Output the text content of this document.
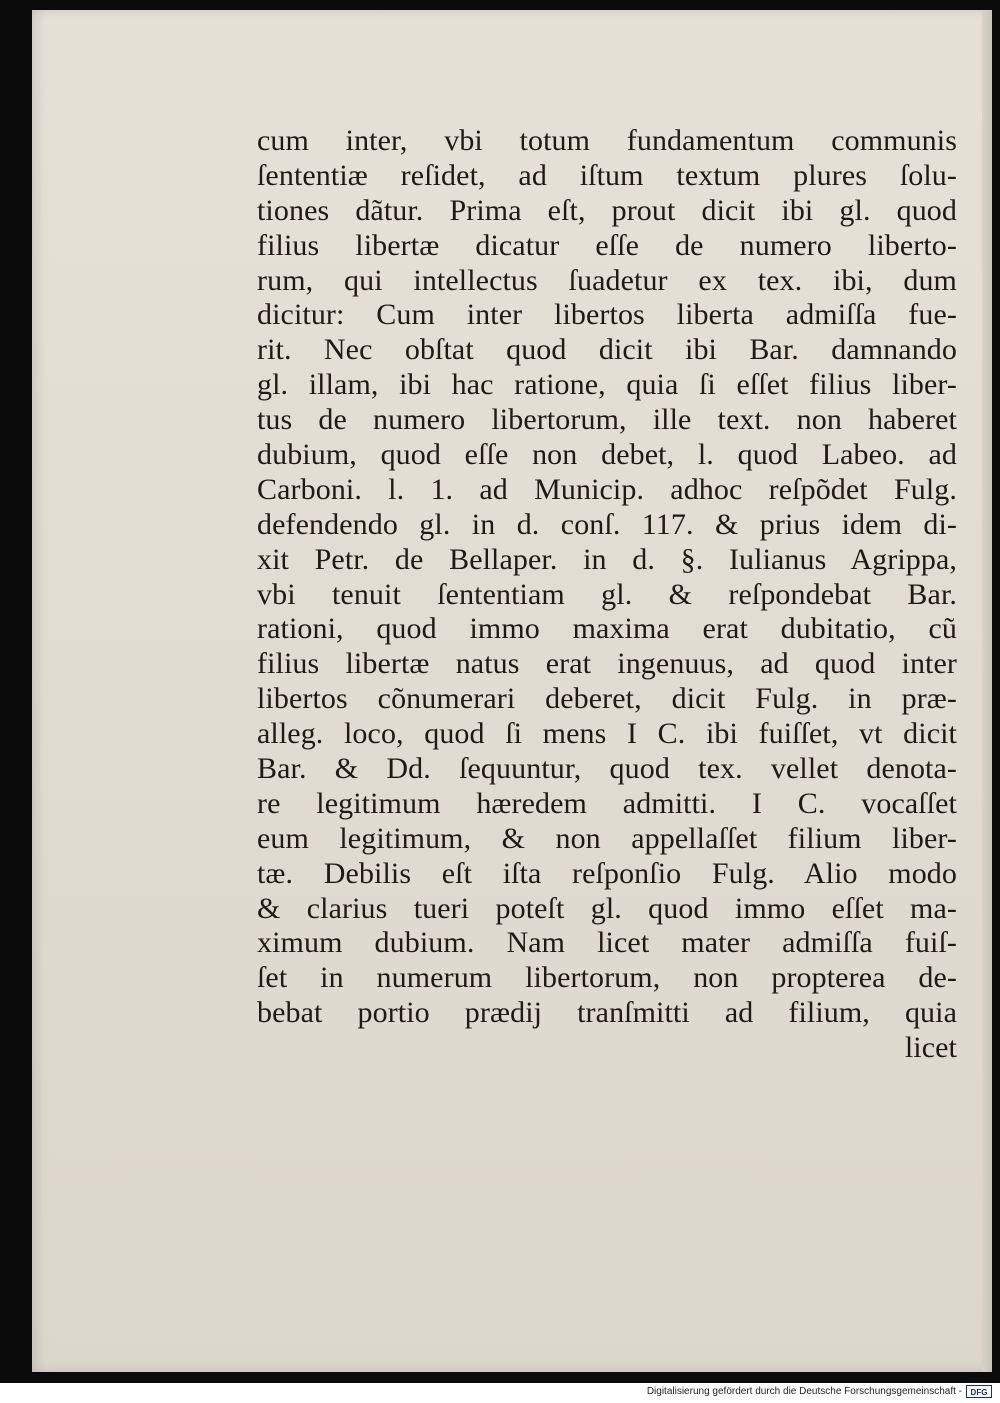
cum inter, vbi totum fundamentum communis
ſententiæ reſidet, ad iſtum textum plures ſolu-
tiones dãtur. Prima eſt, prout dicit ibi gl. quod
filius libertæ dicatur eſſe de numero liberto-
rum, qui intellectus ſuadetur ex tex. ibi, dum
dicitur: Cum inter libertos liberta admiſſa fue-
rit. Nec obſtat quod dicit ibi Bar. damnando
gl. illam, ibi hac ratione, quia ſi eſſet filius liber-
tus de numero libertorum, ille text. non haberet
dubium, quod eſſe non debet, l. quod Labeo. ad
Carboni. l. 1. ad Municip. adhoc reſpõdet Fulg.
defendendo gl. in d. conſ. 117. & prius idem di-
xit Petr. de Bellaper. in d. §. Iulianus Agrippa,
vbi tenuit ſententiam gl. & reſpondebat Bar.
rationi, quod immo maxima erat dubitatio, cũ
filius libertæ natus erat ingenuus, ad quod inter
libertos cõnumerari deberet, dicit Fulg. in præ-
alleg. loco, quod ſi mens I C. ibi fuiſſet, vt dicit
Bar. & Dd. ſequuntur, quod tex. vellet denota-
re legitimum hæredem admitti. I C. vocaſſet
eum legitimum, & non appellaſſet filium liber-
tæ. Debilis eſt iſta reſponſio Fulg. Alio modo
& clarius tueri poteſt gl. quod immo eſſet ma-
ximum dubium. Nam licet mater admiſſa fuiſ-
ſet in numerum libertorum, non propterea de-
bebat portio prædij tranſmitti ad filium, quia
licet
Digitalisierung gefördert durch die Deutsche Forschungsgemeinschaft -	DFG
